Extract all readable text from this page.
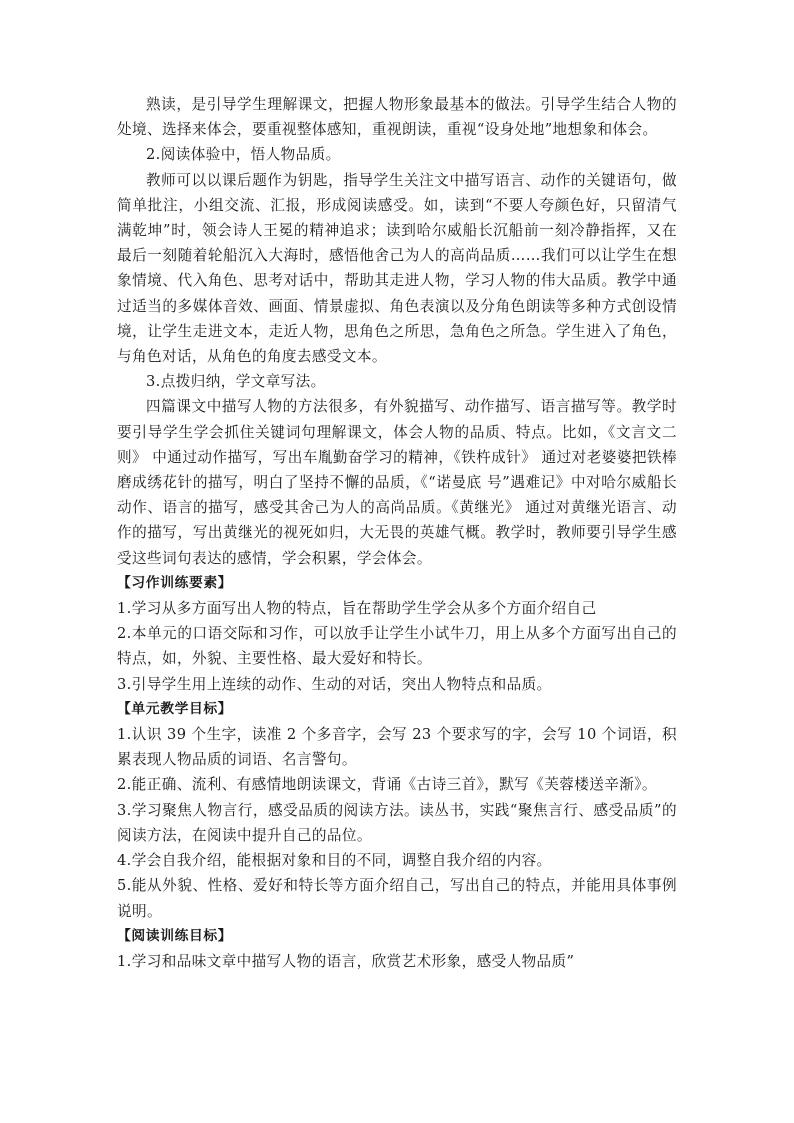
熟读，是引导学生理解课文，把握人物形象最基本的做法。引导学生结合人物的处境、选择来体会，要重视整体感知，重视朗读，重视“设身处地”地想象和体会。

2.阅读体验中，悟人物品质。

教师可以以课后题作为钥匙，指导学生关注文中描写语言、动作的关键语句，做简单批注，小组交流、汇报，形成阅读感受。如，读到“不要人夸颜色好，只留清气满乾坤”时，领会诗人王冕的精神追求；读到哈尔威船长沉船前一刻冷静指挥，又在最后一刻随着轮船沉入大海时，感悟他舍己为人的高尚品质……我们可以让学生在想象情境、代入角色、思考对话中，帮助其走进人物，学习人物的伟大品质。教学中通过适当的多媒体音效、画面、情景虚拟、角色表演以及分角色朗读等多种方式创设情境，让学生走进文本，走近人物，思角色之所思，急角色之所急。学生进入了角色，与角色对话，从角色的角度去感受文本。

3.点拨归纳，学文章写法。

四篇课文中描写人物的方法很多，有外貌描写、动作描写、语言描写等。教学时要引导学生学会抓住关键词句理解课文，体会人物的品质、特点。比如，《文言文二则》 中通过动作描写，写出车胤勤奋学习的精神，《铁杵成针》 通过对老婆婆把铁棒磨成绣花针的描写，明白了坚持不懈的品质，《“诺曼底 号”遇难记》中对哈尔威船长动作、语言的描写，感受其舍己为人的高尚品质。《黄继光》 通过对黄继光语言、动作的描写，写出黄继光的视死如归，大无畏的英雄气概。教学时，教师要引导学生感受这些词句表达的感情，学会积累，学会体会。

【习作训练要素】

1.学习从多方面写出人物的特点，旨在帮助学生学会从多个方面介绍自己

2.本单元的口语交际和习作，可以放手让学生小试牛刀，用上从多个方面写出自己的特点，如，外貌、主要性格、最大爱好和特长。

3.引导学生用上连续的动作、生动的对话，突出人物特点和品质。

【单元教学目标】

1.认识 39 个生字，读准 2 个多音字，会写 23 个要求写的字，会写 10 个词语，积累表现人物品质的词语、名言警句。

2.能正确、流利、有感情地朗读课文，背诵《古诗三首》，默写《芙蓉楼送辛渐》。

3.学习聚焦人物言行，感受品质的阅读方法。读丛书，实践“聚焦言行、感受品质”的阅读方法，在阅读中提升自己的品位。

4.学会自我介绍，能根据对象和目的不同，调整自我介绍的内容。

5.能从外貌、性格、爱好和特长等方面介绍自己，写出自己的特点，并能用具体事例说明。

【阅读训练目标】

1.学习和品味文章中描写人物的语言，欣赏艺术形象，感受人物品质”
